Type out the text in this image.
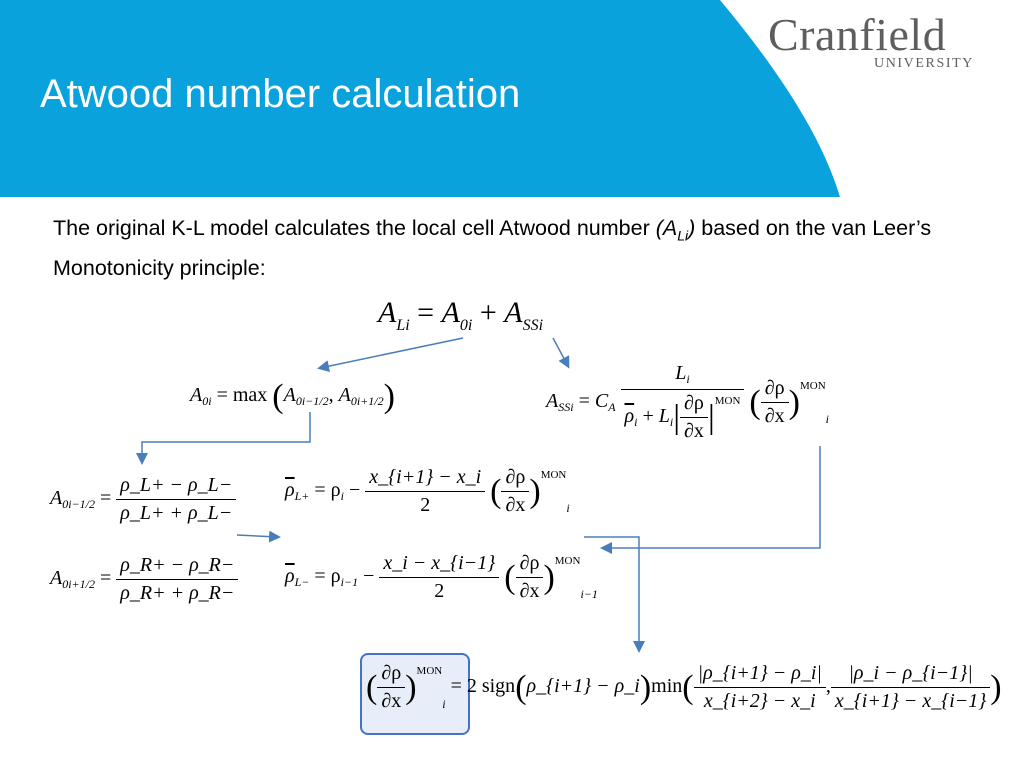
Atwood number calculation
Cranfield
UNIVERSITY
The original K-L model calculates the local cell Atwood number $(A_{Li})$ based on the van Leer’s Monotonicity principle:
$A_{Li} = A_{0i} + A_{SSi}$
$A_{0i} = \max (A_{0i-1/2}$, $A_{0i+1/2}$)	$A_{SSi} = C_A \frac{L_i}{\overline{\rho}_i + L_i| \frac{\partial\rho}{\partial x} |^{MON}}$ ( $\frac{\partial\rho}{\partial x} )^{MON}_i$
$A_{0i-1/2} = \frac{\rho\_L+ - \rho\_L-}{\rho\_L+ + \rho\_L-}$
$A_{0i+1/2} = \frac{\rho\_R+ - \rho\_R-}{\rho\_R+ + \rho\_R-}$
$\overline{\rho}_{L+} = \rho_i - \frac{x\_\{i+1\} - x\_i}{2}$ ( $\frac{\partial\rho}{\partial x} )^{MON}_i$
$\overline{\rho}_{L-} = \rho_{i-1} - \frac{x\_i - x\_\{i-1\}}{2}$ ( $\frac{\partial\rho}{\partial x} )^{MON}_{i-1}$
( $\frac{\partial\rho}{\partial x} )^{MON}_i = 2$ sign(ρ_{i+1} − ρ_i)min( $\frac{|\rho\_\{i+1\} - \rho\_i|}{x\_\{i+2\} - x\_i}$ , $\frac{|\rho\_i - \rho\_\{i-1\}|}{x\_\{i+1\} - x\_\{i-1\}}$ )
